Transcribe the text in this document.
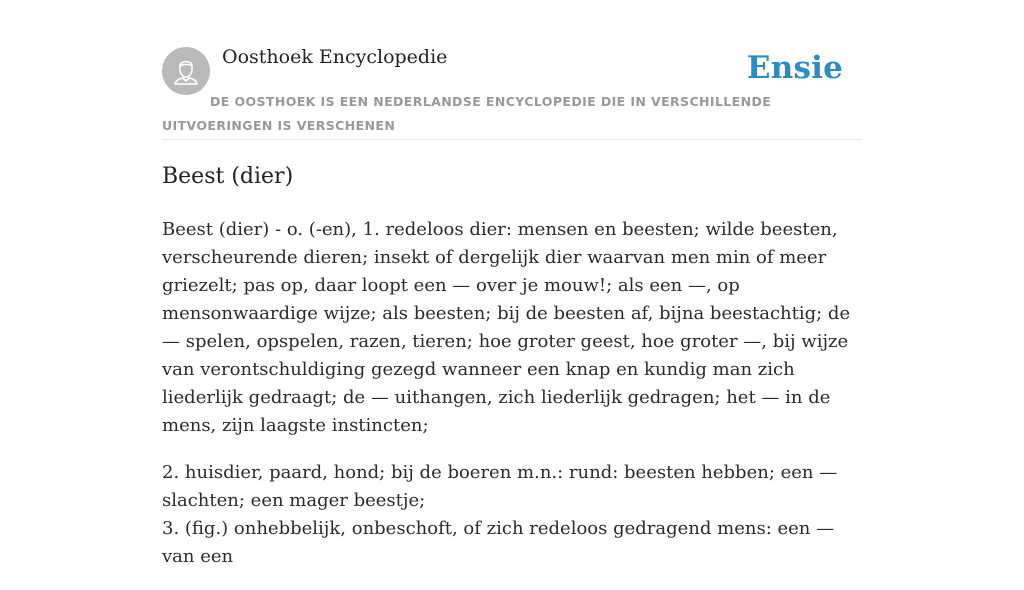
Oosthoek Encyclopedie	Ensie
DE OOSTHOEK IS EEN NEDERLANDSE ENCYCLOPEDIE DIE IN VERSCHILLENDE UITVOERINGEN IS VERSCHENEN
Beest (dier)

Beest (dier) - o. (-en), 1. redeloos dier: mensen en beesten; wilde beesten, verscheurende dieren; insekt of dergelijk dier waarvan men min of meer griezelt; pas op, daar loopt een — over je mouw!; als een —, op mensonwaardige wijze; als beesten; bij de beesten af, bijna beestachtig; de — spelen, opspelen, razen, tieren; hoe groter geest, hoe groter —, bij wijze van verontschuldiging gezegd wanneer een knap en kundig man zich liederlijk gedraagt; de — uithangen, zich liederlijk gedragen; het — in de mens, zijn laagste instincten;

2. huisdier, paard, hond; bij de boeren m.n.: rund: beesten hebben; een — slachten; een mager beestje;
3. (fig.) onhebbelijk, onbeschoft, of zich redeloos gedragend mens: een — van een
